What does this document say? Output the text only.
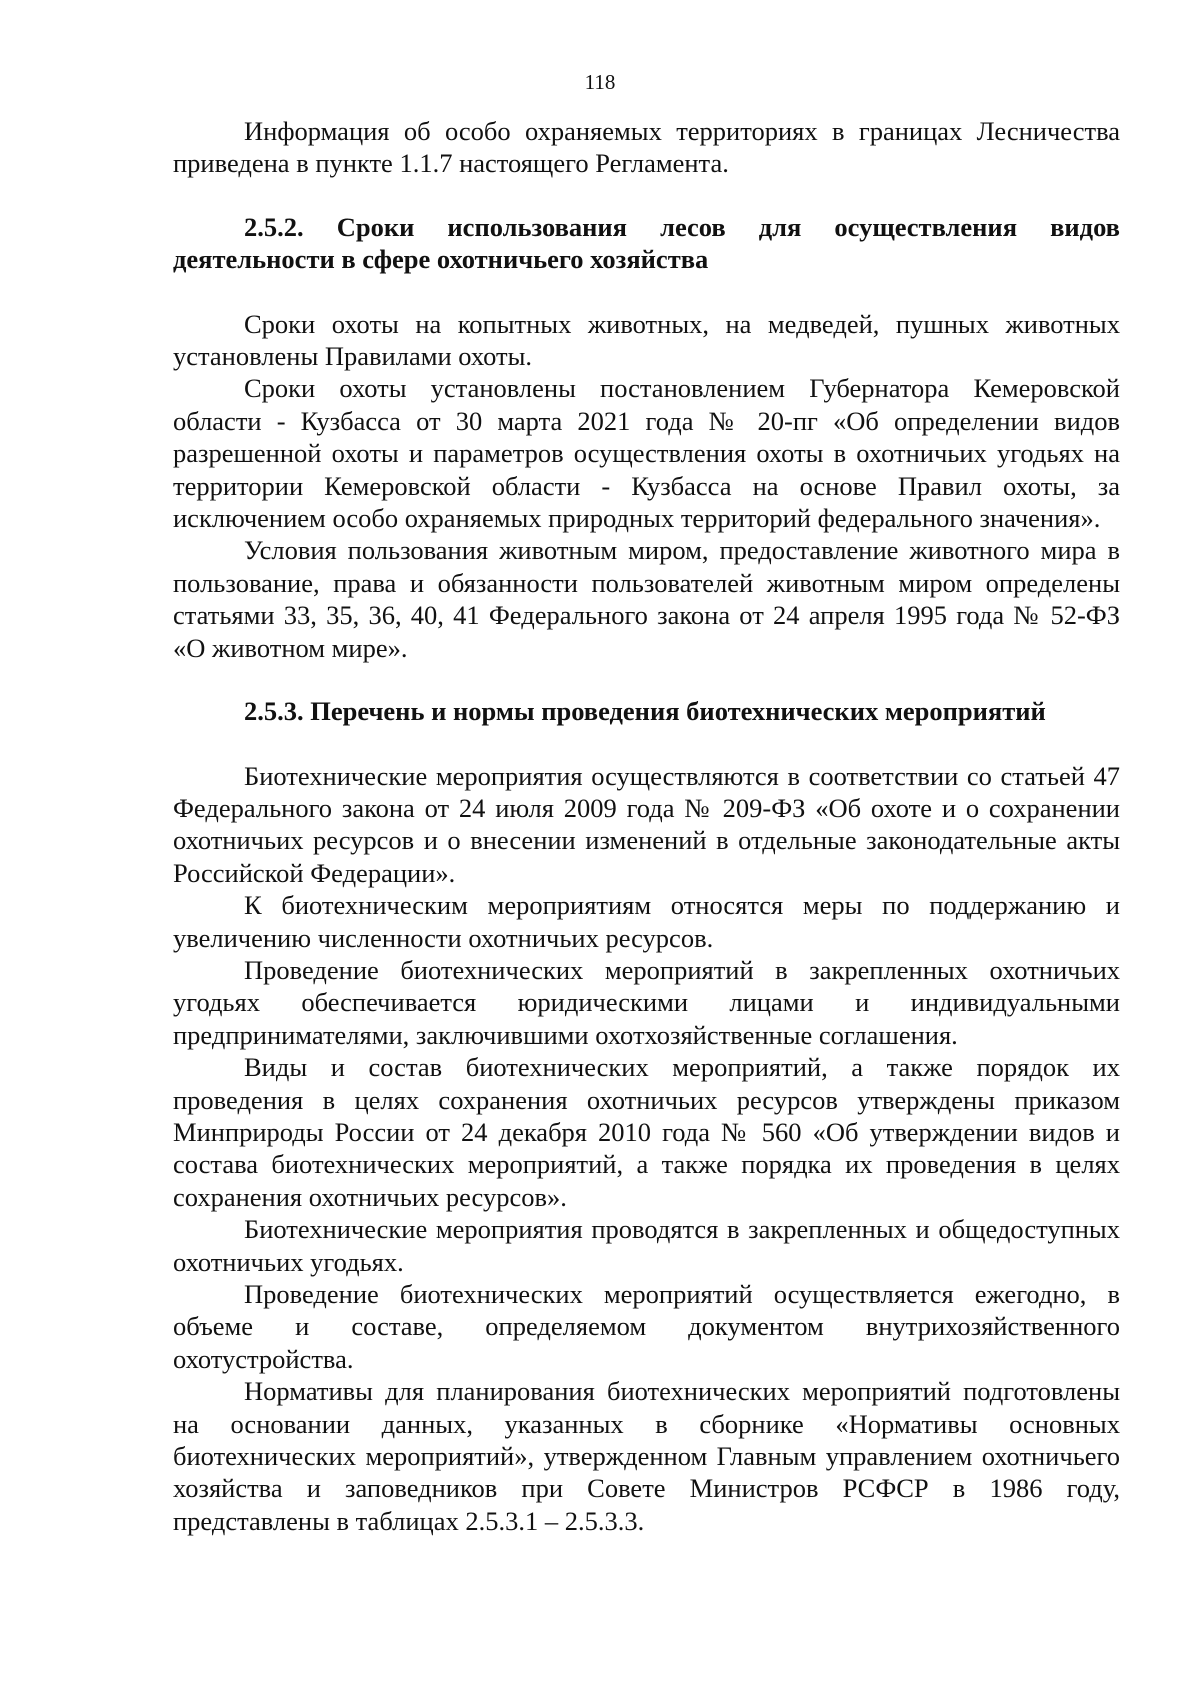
118

Информация об особо охраняемых территориях в границах Лесничества приведена в пункте 1.1.7 настоящего Регламента.

2.5.2. Сроки использования лесов для осуществления видов деятельности в сфере охотничьего хозяйства

Сроки охоты на копытных животных, на медведей, пушных животных установлены Правилами охоты.

Сроки охоты установлены постановлением Губернатора Кемеровской области - Кузбасса от 30 марта 2021 года № 20-пг «Об определении видов разрешенной охоты и параметров осуществления охоты в охотничьих угодьях на территории Кемеровской области - Кузбасса на основе Правил охоты, за исключением особо охраняемых природных территорий федерального значения».

Условия пользования животным миром, предоставление животного мира в пользование, права и обязанности пользователей животным миром определены статьями 33, 35, 36, 40, 41 Федерального закона от 24 апреля 1995 года № 52-ФЗ «О животном мире».

2.5.3. Перечень и нормы проведения биотехнических мероприятий

Биотехнические мероприятия осуществляются в соответствии со статьей 47 Федерального закона от 24 июля 2009 года № 209-ФЗ «Об охоте и о сохранении охотничьих ресурсов и о внесении изменений в отдельные законодательные акты Российской Федерации».

К биотехническим мероприятиям относятся меры по поддержанию и увеличению численности охотничьих ресурсов.

Проведение биотехнических мероприятий в закрепленных охотничьих угодьях обеспечивается юридическими лицами и индивидуальными предпринимателями, заключившими охотхозяйственные соглашения.

Виды и состав биотехнических мероприятий, а также порядок их проведения в целях сохранения охотничьих ресурсов утверждены приказом Минприроды России от 24 декабря 2010 года № 560 «Об утверждении видов и состава биотехнических мероприятий, а также порядка их проведения в целях сохранения охотничьих ресурсов».

Биотехнические мероприятия проводятся в закрепленных и общедоступных охотничьих угодьях.

Проведение биотехнических мероприятий осуществляется ежегодно, в объеме и составе, определяемом документом внутрихозяйственного охотустройства.

Нормативы для планирования биотехнических мероприятий подготовлены на основании данных, указанных в сборнике «Нормативы основных биотехнических мероприятий», утвержденном Главным управлением охотничьего хозяйства и заповедников при Совете Министров РСФСР в 1986 году, представлены в таблицах 2.5.3.1 – 2.5.3.3.
